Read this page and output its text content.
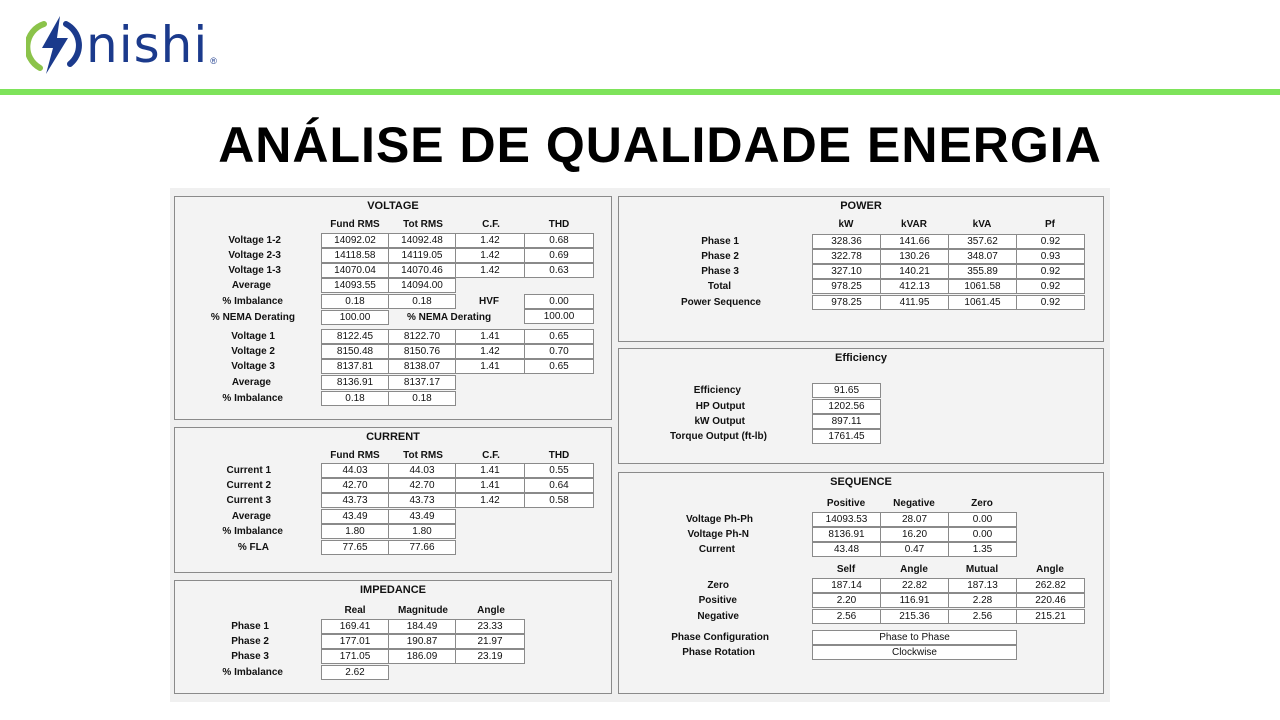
nishi ®
ANÁLISE DE QUALIDADE ENERGIA
VOLTAGE
Fund RMS	Tot RMS	C.F.	THD
Voltage 1-2	14092.02	14092.48	1.42	0.68
Voltage 2-3	14118.58	14119.05	1.42	0.69
Voltage 1-3	14070.04	14070.46	1.42	0.63
Average	14093.55	14094.00
% Imbalance	0.18	0.18	HVF	0.00
% NEMA Derating	100.00	% NEMA Derating	100.00
Voltage 1	8122.45	8122.70	1.41	0.65
Voltage 2	8150.48	8150.76	1.42	0.70
Voltage 3	8137.81	8138.07	1.41	0.65
Average	8136.91	8137.17
% Imbalance	0.18	0.18
CURRENT
Fund RMS	Tot RMS	C.F.	THD
Current 1	44.03	44.03	1.41	0.55
Current 2	42.70	42.70	1.41	0.64
Current 3	43.73	43.73	1.42	0.58
Average	43.49	43.49
% Imbalance	1.80	1.80
% FLA	77.65	77.66
IMPEDANCE
Real	Magnitude	Angle
Phase 1	169.41	184.49	23.33
Phase 2	177.01	190.87	21.97
Phase 3	171.05	186.09	23.19
% Imbalance	2.62
POWER
kW	kVAR	kVA	Pf
Phase 1	328.36	141.66	357.62	0.92
Phase 2	322.78	130.26	348.07	0.93
Phase 3	327.10	140.21	355.89	0.92
Total	978.25	412.13	1061.58	0.92
Power Sequence	978.25	411.95	1061.45	0.92
Efficiency
Efficiency	91.65
HP Output	1202.56
kW Output	897.11
Torque Output (ft-lb)	1761.45
SEQUENCE
Positive	Negative	Zero
Voltage Ph-Ph	14093.53	28.07	0.00
Voltage Ph-N	8136.91	16.20	0.00
Current	43.48	0.47	1.35
Self	Angle	Mutual	Angle
Zero	187.14	22.82	187.13	262.82
Positive	2.20	116.91	2.28	220.46
Negative	2.56	215.36	2.56	215.21
Phase Configuration	Phase to Phase
Phase Rotation	Clockwise
